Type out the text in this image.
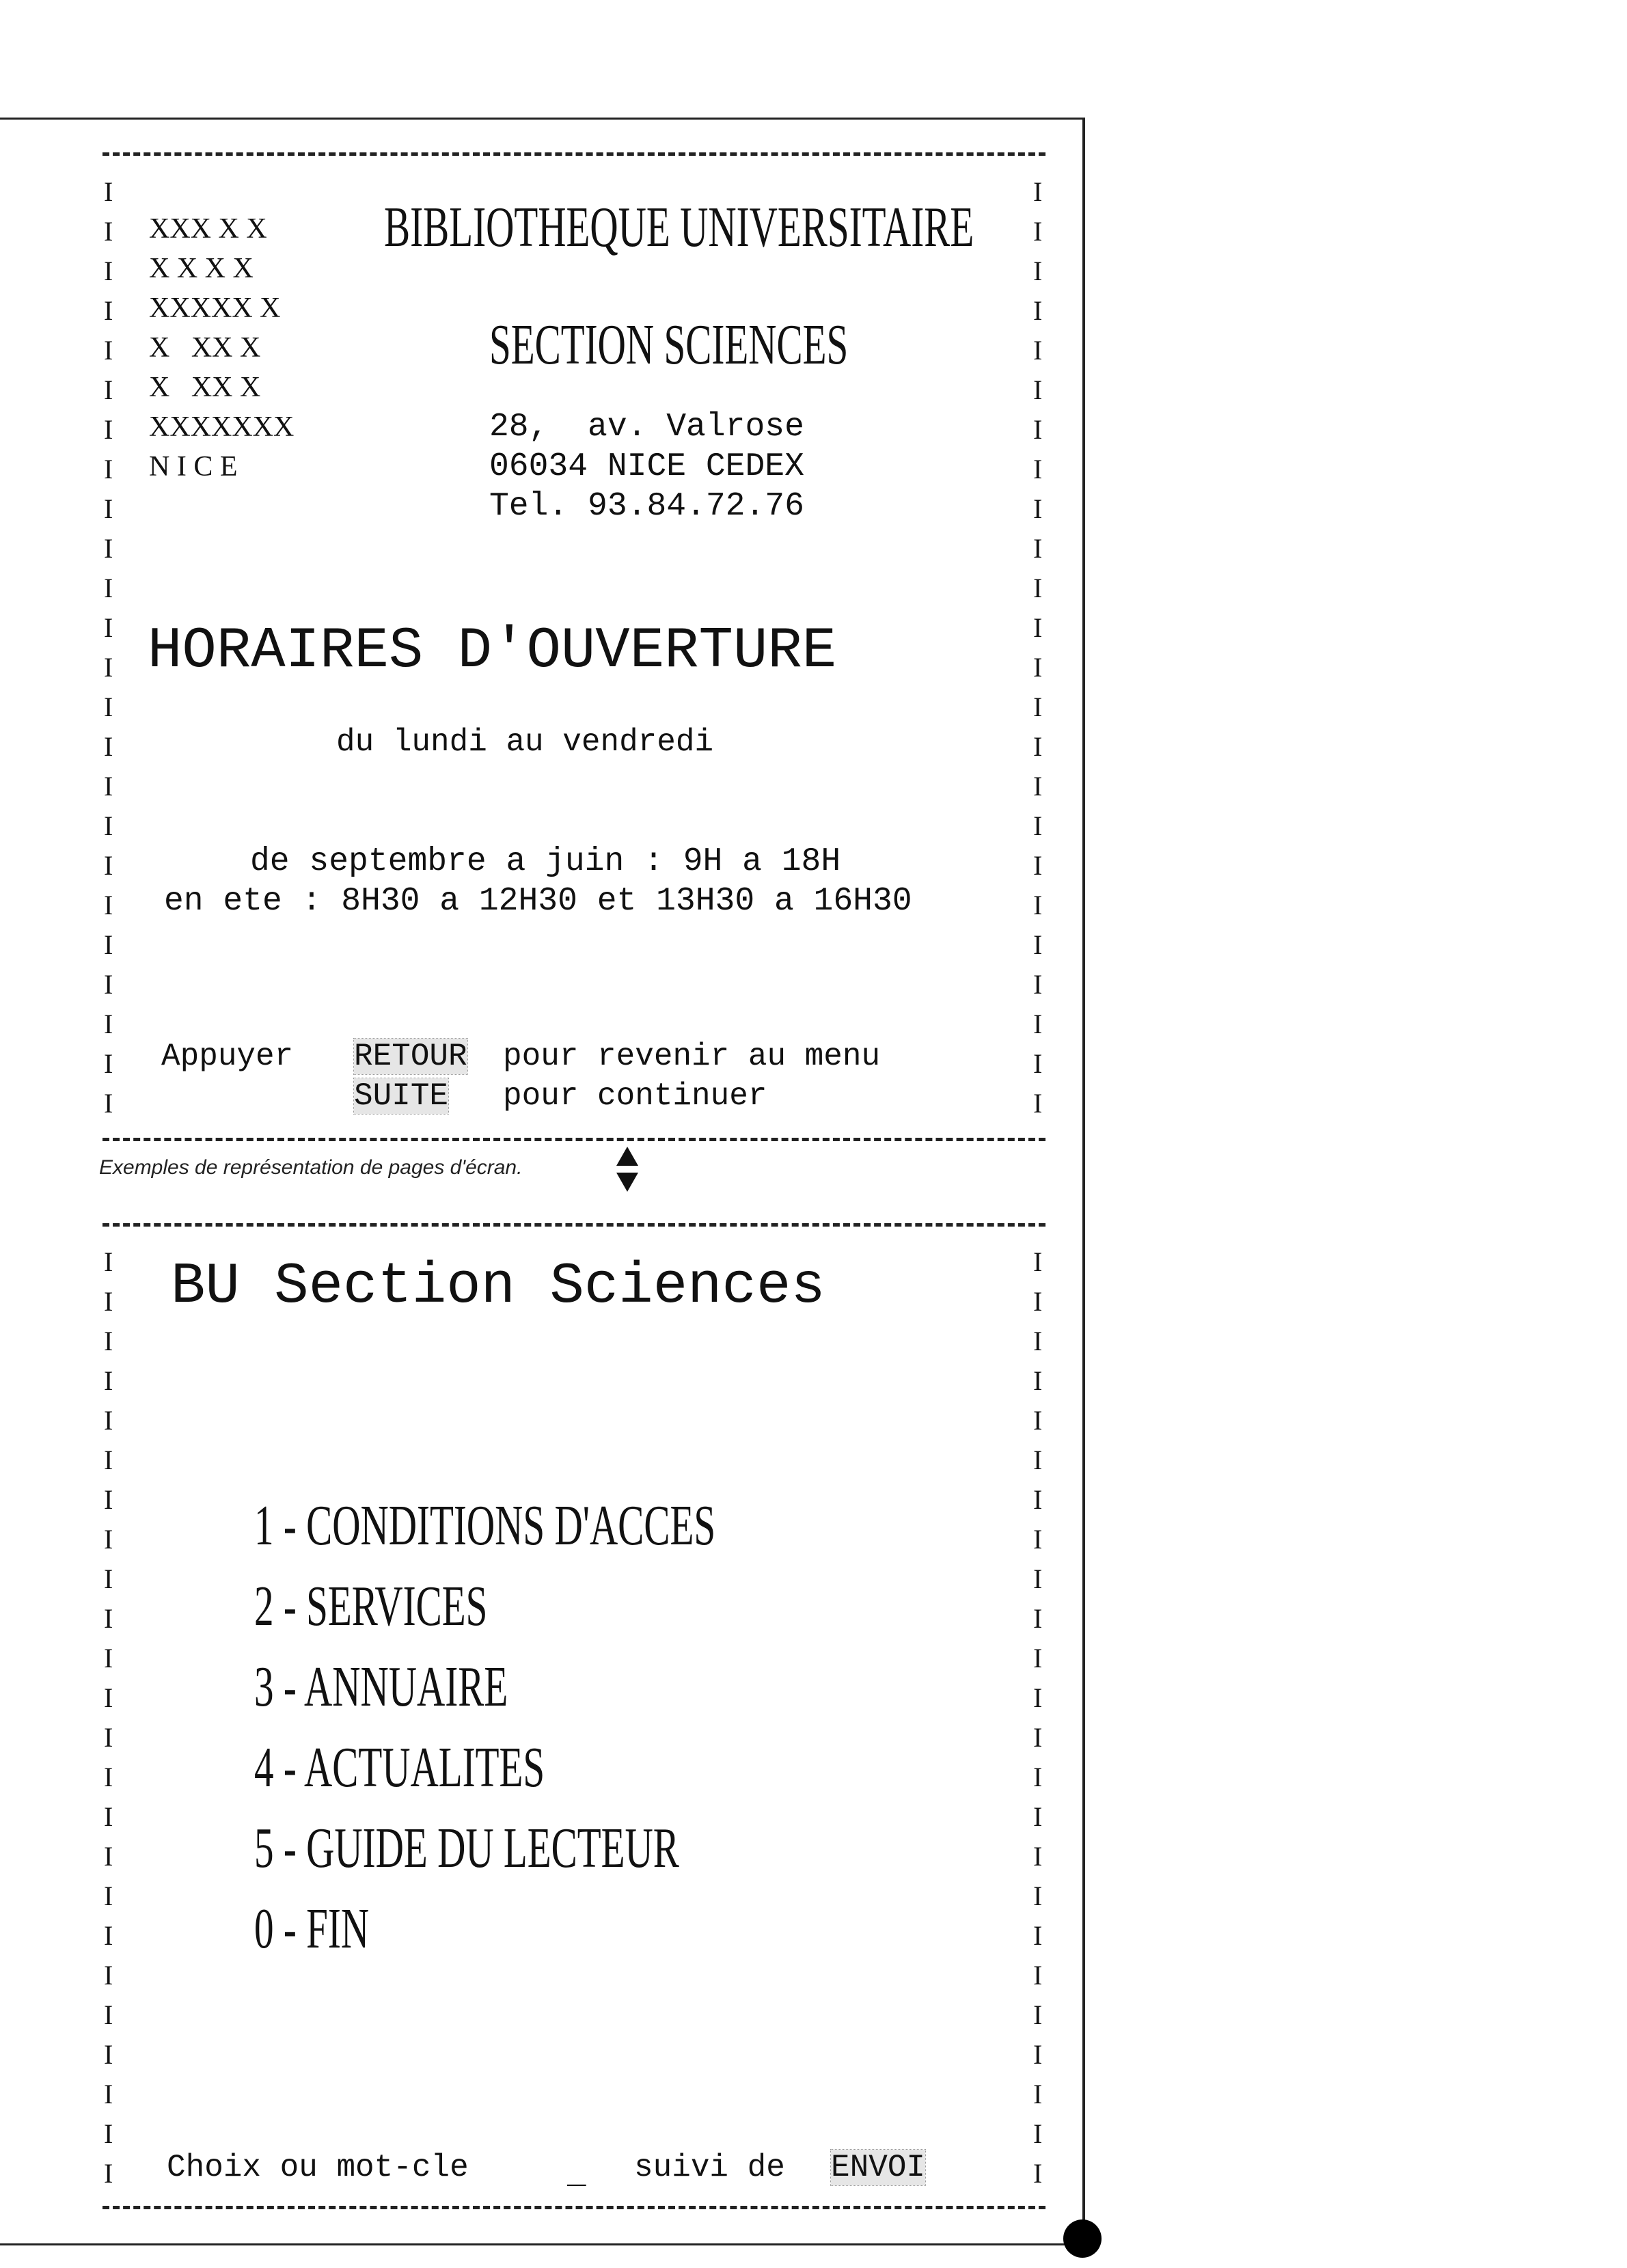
I
I
I
I
I
I
I
I
I
I
I
I
I
I
I
I
I
I
I
I
I
I
I
I
I
I
I
I
I
I
I
I
I
I
I
I
I
I
I
I
I
I
I
I
I
I
I
I
XXX X X
X X X X
XXXXX X
X   XX X
X   XX X
XXXXXXX
N I C E
BIBLIOTHEQUE UNIVERSITAIRE
SECTION SCIENCES
28,  av. Valrose
06034 NICE CEDEX
Tel. 93.84.72.76
HORAIRES D'OUVERTURE
du lundi au vendredi
de septembre a juin : 9H a 18H
en ete : 8H30 a 12H30 et 13H30 a 16H30
Appuyer RETOUR pour revenir au menu
SUITE pour continuer
Exemples de représentation de pages d'écran.
I
I
I
I
I
I
I
I
I
I
I
I
I
I
I
I
I
I
I
I
I
I
I
I
I
I
I
I
I
I
I
I
I
I
I
I
I
I
I
I
I
I
I
I
I
I
I
I
BU Section Sciences
1 - CONDITIONS D'ACCES
2 - SERVICES
3 - ANNUAIRE
4 - ACTUALITES
5 - GUIDE DU LECTEUR
0 - FIN
Choix ou mot-cle	_ suivi de ENVOI
